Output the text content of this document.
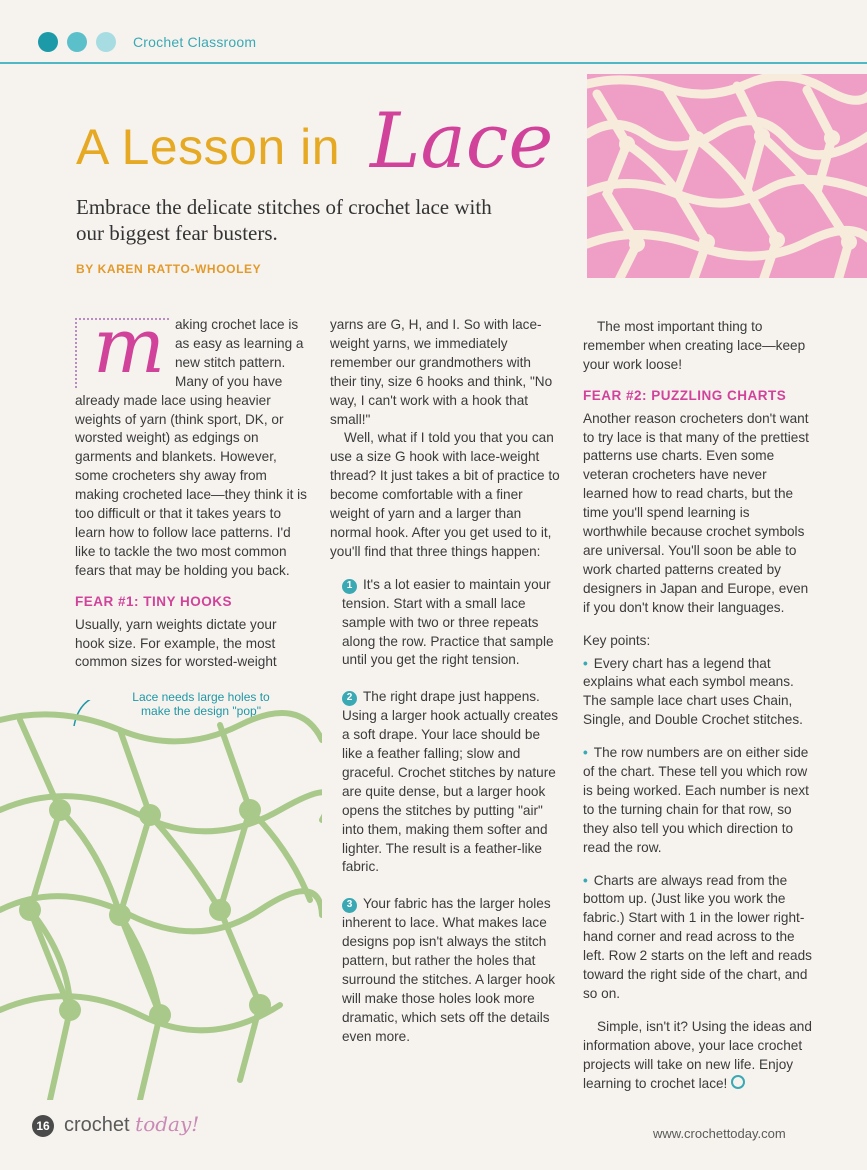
Crochet Classroom
A Lesson in Lace
Embrace the delicate stitches of crochet lace with our biggest fear busters.
BY KAREN RATTO-WHOOLEY
m aking crochet lace is as easy as learning a new stitch pattern. Many of you have already made lace using heavier weights of yarn (think sport, DK, or worsted weight) as edgings on garments and blankets. However, some crocheters shy away from making crocheted lace—they think it is too difficult or that it takes years to learn how to follow lace patterns. I'd like to tackle the two most common fears that may be holding you back.

FEAR #1: TINY HOOKS

Usually, yarn weights dictate your hook size. For example, the most common sizes for worsted-weight

Lace needs large holes to make the design "pop"

yarns are G, H, and I. So with lace-weight yarns, we immediately remember our grandmothers with their tiny, size 6 hooks and think, "No way, I can't work with a hook that small!"

Well, what if I told you that you can use a size G hook with lace-weight thread? It just takes a bit of practice to become comfortable with a finer weight of yarn and a larger than normal hook. After you get used to it, you'll find that three things happen:

1 It's a lot easier to maintain your tension. Start with a small lace sample with two or three repeats along the row. Practice that sample until you get the right tension.
2 The right drape just happens. Using a larger hook actually creates a soft drape. Your lace should be like a feather falling; slow and graceful. Crochet stitches by nature are quite dense, but a larger hook opens the stitches by putting "air" into them, making them softer and lighter. The result is a feather-like fabric.
3 Your fabric has the larger holes inherent to lace. What makes lace designs pop isn't always the stitch pattern, but rather the holes that surround the stitches. A larger hook will make those holes look more dramatic, which sets off the details even more.

The most important thing to remember when creating lace—keep your work loose!

FEAR #2: PUZZLING CHARTS

Another reason crocheters don't want to try lace is that many of the prettiest patterns use charts. Even some veteran crocheters have never learned how to read charts, but the time you'll spend learning is worthwhile because crochet symbols are universal. You'll soon be able to work charted patterns created by designers in Japan and Europe, even if you don't know their languages.

Key points:

• Every chart has a legend that explains what each symbol means. The sample lace chart uses Chain, Single, and Double Crochet stitches.
• The row numbers are on either side of the chart. These tell you which row is being worked. Each number is next to the turning chain for that row, so they also tell you which direction to read the row.
• Charts are always read from the bottom up. (Just like you work the fabric.) Start with 1 in the lower right-hand corner and read across to the left. Row 2 starts on the left and reads toward the right side of the chart, and so on.

Simple, isn't it? Using the ideas and information above, your lace crochet projects will take on new life. Enjoy learning to crochet lace!

16 crochet today!	www.crochettoday.com
